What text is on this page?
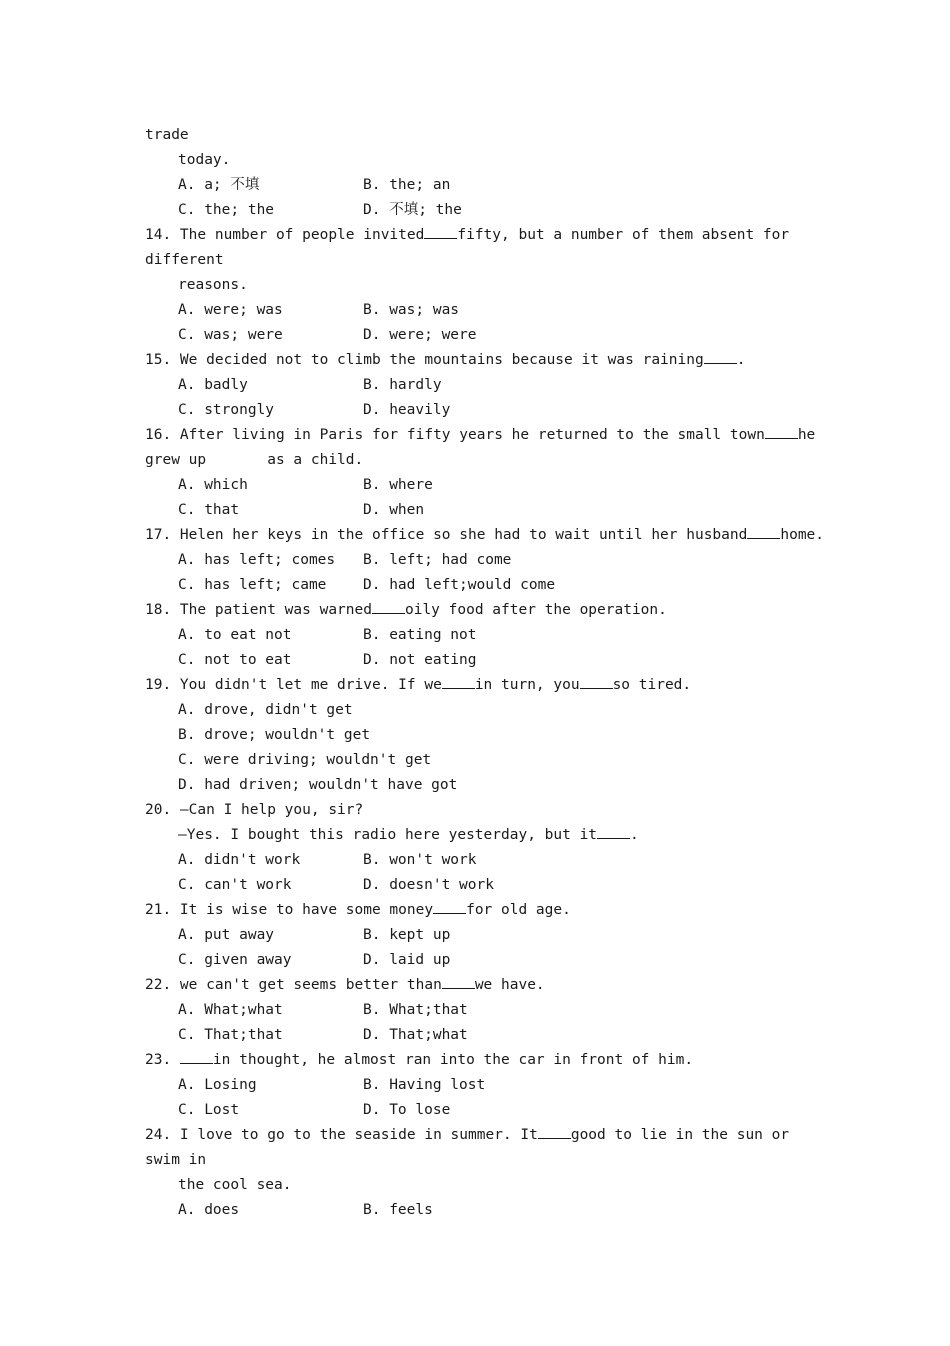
trade
today.
A. a; 不填	B. the; an
C. the; the	D. 不填; the
14. The number of people invited fifty, but a number of them absent for
different
reasons.
A. were; was	B. was; was
C. was; were	D. were; were
15. We decided not to climb the mountains because it was raining .
A. badly	B. hardly
C. strongly	D. heavily
16. After living in Paris for fifty years he returned to the small town he
grew up       as a child.
A. which	B. where
C. that	D. when
17. Helen her keys in the office so she had to wait until her husband home.
A. has left; comes B. left; had come
C. has left; came	D. had left;would come
18. The patient was warned oily food after the operation.
A. to eat not	B. eating not
C. not to eat	D. not eating
19. You didn't let me drive. If we in turn, you so tired.
A. drove, didn't get
B. drove; wouldn't get
C. were driving; wouldn't get
D. had driven; wouldn't have got
20. —Can I help you, sir?
—Yes. I bought this radio here yesterday, but it .
A. didn't work	B. won't work
C. can't work	D. doesn't work
21. It is wise to have some money for old age.
A. put away	B. kept up
C. given away	D. laid up
22. we can't get seems better than we have.
A. What;what	B. What;that
C. That;that	D. That;what
23. in thought, he almost ran into the car in front of him.
A. Losing	B. Having lost
C. Lost	D. To lose
24. I love to go to the seaside in summer. It good to lie in the sun or
swim in
the cool sea.
A. does	B. feels
